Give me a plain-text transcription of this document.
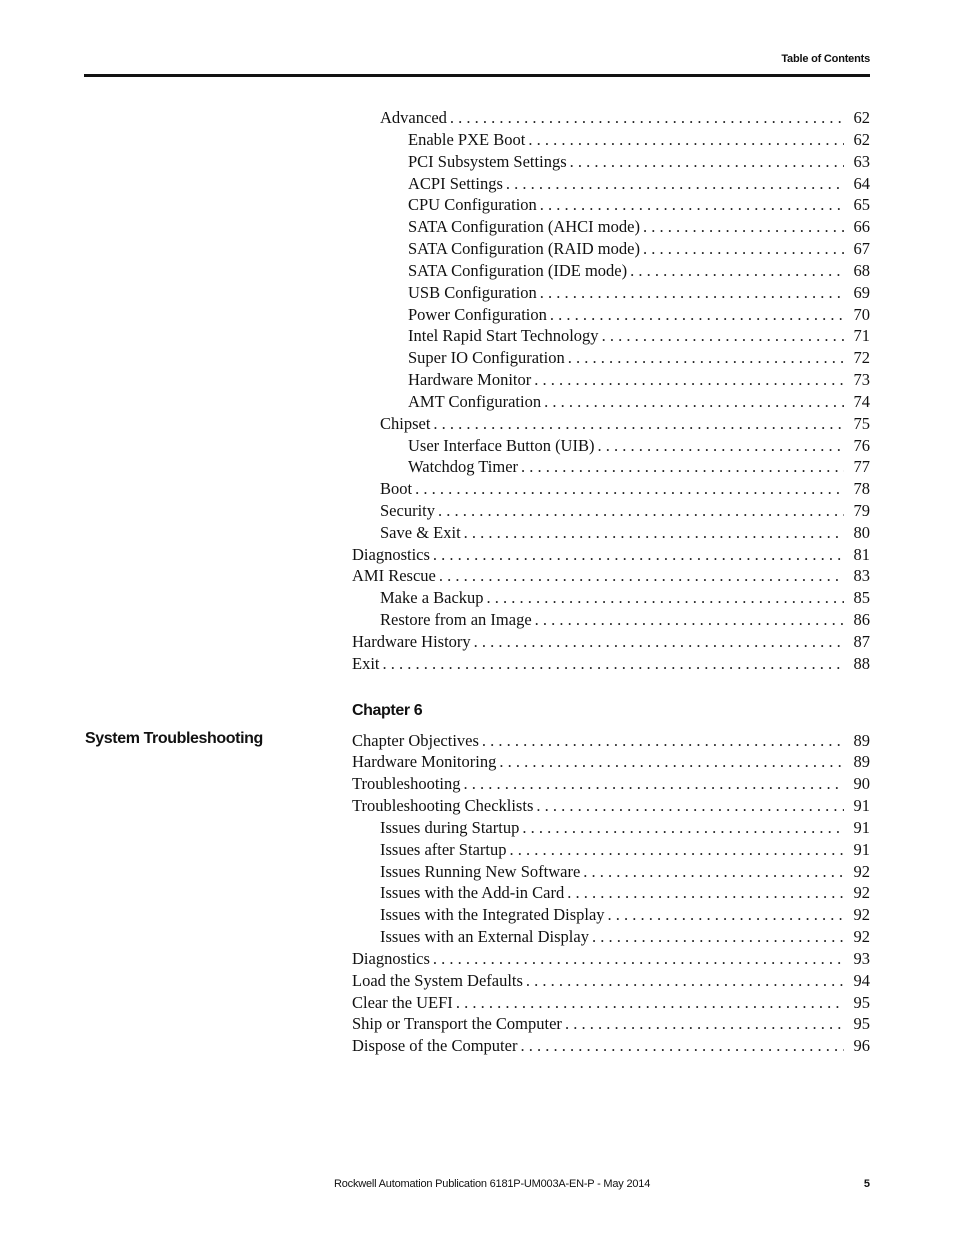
Table of Contents
Advanced . . .	62
Enable PXE Boot . . .	62
PCI Subsystem Settings . . .	63
ACPI Settings . . .	64
CPU Configuration . . .	65
SATA Configuration (AHCI mode) . . .	66
SATA Configuration (RAID mode) . . .	67
SATA Configuration (IDE mode) . . .	68
USB Configuration . . .	69
Power Configuration . . .	70
Intel Rapid Start Technology . . .	71
Super IO Configuration . . .	72
Hardware Monitor . . .	73
AMT Configuration . . .	74
Chipset . . .	75
User Interface Button (UIB) . . .	76
Watchdog Timer . . .	77
Boot . . .	78
Security . . .	79
Save & Exit . . .	80
Diagnostics . . .	81
AMI Rescue . . .	83
Make a Backup . . .	85
Restore from an Image . . .	86
Hardware History . . .	87
Exit . . .	88
Chapter 6
System Troubleshooting	Chapter Objectives . . .	89
Hardware Monitoring . . .	89
Troubleshooting . . .	90
Troubleshooting Checklists . . .	91
Issues during Startup . . .	91
Issues after Startup . . .	91
Issues Running New Software . . .	92
Issues with the Add-in Card . . .	92
Issues with the Integrated Display . . .	92
Issues with an External Display . . .	92
Diagnostics . . .	93
Load the System Defaults . . .	94
Clear the UEFI . . .	95
Ship or Transport the Computer . . .	95
Dispose of the Computer . . .	96
Rockwell Automation Publication 6181P-UM003A-EN-P - May 2014	5
